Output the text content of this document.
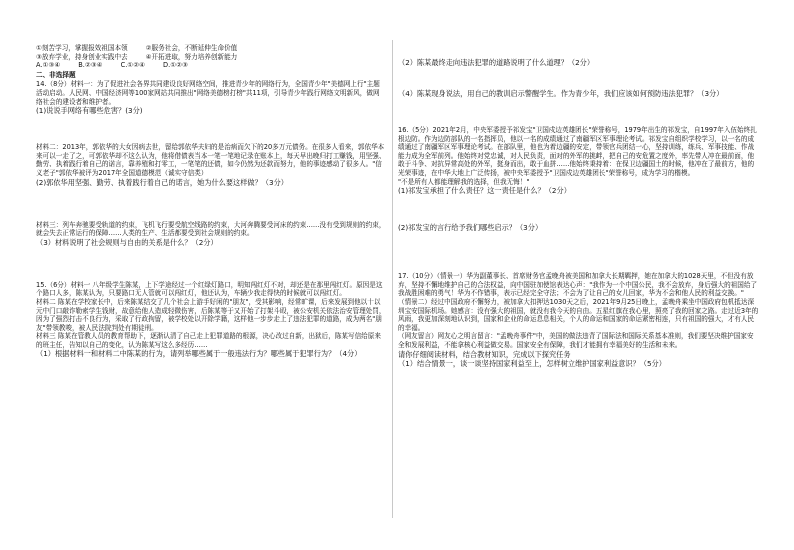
①刻苦学习，掌握报效祖国本领	②服务社会，不断延伸生命价值
③放弃学业，持身创业实践中去	④开拓进取，努力培养创新能力
A.①③④	B.②③④	C.①②④	D.①②③
二、非选择题

14.（8分）材料一：为了促进社会各界共同建设良好网络空间，推进青少年的网络行为，全国青少年"美德网上行"主题活动启动。人民网、中国经济网等100家网站共同推出"网络美德榜打榜"共11项，引导青少年践行网络文明新风，做网络社会的建设者和维护者。

(1)说说手网络有哪些危害？(3分)

材料二：2013年，郭依华的大女因病去世，留给郭依华夫妇的是治病而欠下的20多万元债务。在很多人看来，郭依华本来可以一走了之，可郭依华却不这么认为，他将借债表当本一笔一笔地记录在账本上，每天早出晚归打工赚钱，用坚强、勤劳、执着践行着自己的诺言，靠养殖和打零工，一笔笔的还债，如今仍然为还款而努力，他的事迹感动了很多人。"信义老子"郭依华被评为2017年全国道德模范（诚实守信类）

(2)郭依华用坚强、勤劳、执着践行着自己的诺言，她为什么要这样做？（3分）

材料三：列车奔驰要受轨道的约束，飞机飞行要受航空线路的约束，大河奔腾要受河床的约束……没有受到规则的约束，就会失去正常运行的保障……人类的生产、生活都要受到社会规则的约束。

（3）材料说明了社会规则与自由的关系是什么？（2分）

15.（6分）材料一 八年级学生陈某，上下学途经过一个红绿灯路口，明知闯红灯不对，却还是在那里闯红灯。原因是这个路口人多，陈某认为，只要路口无人管就可以闯红灯，他还认为，车辆少我走得快的时候就可以闯红灯。

材料二 陈某在学校家长中，后来陈某结交了几个社会上游手好闲的"朋友"，受其影响，经常旷课，后来发展到他以十以元中门口敲诈勒索学生钱财，故意给他人造成轻微伤害，后陈某等于又开始了打架斗殴，被公安机关依法治安管理处罚，因为了强烈打击不良行为，采取了行政拘留，被学校处以开除学籍，这样他一步步走上了违法犯罪的道路，成为两名"朋友"带领教唆，被人民法院判处有期徒刑。

材料三 陈某在管教人员的教育帮助下，逐渐认清了自己走上犯罪道路的根源，决心改过自新，出狱后，陈某写信给原来的班主任，告知以自己的变化，认为陈某写这么多经历……

（1）根据材料一和材料二中陈某的行为，请列举哪些属于一般违法行为？哪些属于犯罪行为？（4分）

（2）陈某最终走向违法犯罪的道路说明了什么道理？（2分）

（4）陈某现身说法，用自己的教训启示警醒学生。作为青少年，我们应该如何预防违法犯罪？（3分）

16.（5分）2021年2月，中央军委授予祁发宝"卫国戍边英雄团长"荣誉称号，1979年出生的祁发宝，自1997年入伍始终扎根边防。作为边防部队的一名指挥员，他以一名的成绩通过了南疆军区军事理论考试。祁发宝自组织学校学习，以一名的成绩通过了南疆军区军事理论考试。在部队里，他也为着边疆的安定，带领官兵团结一心，坚持训练，练兵、军事技能、作战能力成为全军前列。他始终对党忠诚，对人民负责，面对的外军的挑衅，把自己的安危置之度外，率先带人冲在最前面，他敢于斗争、对抗异常高处的外军，挺身而出，敢于血拼……他始终秉持着：在保卫边疆国土的时候，他冲在了最前方，他的光荣事迹，在中华大地上广泛传扬，被中央军委授予"卫国戍边英雄团长"荣誉称号，成为学习的楷模。

"不是所有人都能理解我的选择，但我无悔！"

(1)祁发宝承担了什么责任？这一责任是什么？（2分）

(2)祁发宝的言行给予我们哪些启示？（3分）

17.（10分）（情景一）华为副董事长、首席财务官孟晚舟被美国和加拿大长期羁押，她在加拿大的1028天里，不但没有放弃，坚持不懈地维护自己的合法权益，向中国驻加使馆表达心声："我作为一个中国公民，我不会放弃，身后强大的祖国给了我战胜困难的勇气！华为不作错事，表示已经完全守法；不会为了让自己的女儿回家，华为不会和他人民的利益交换。"

（情景二）经过中国政府不懈努力，被加拿大扣押达1030天之后，2021年9月25日晚上，孟晚舟乘坐中国政府包机抵达深圳宝安国际机场。她感言：没有强大的祖国，就没有我今天的自由。五星红旗在我心里，照亮了我的回家之路。走过近3年的风雨，我更加深刻地认识到，国家和企业的命运息息相关，个人的命运和国家的命运紧密相连，只有祖国的强大，才有人民的幸福。

（网友留言）网友心之明言留言："孟晚舟事件"中，美国的做法违背了国际法和国际关系基本准则，我们要坚决维护国家安全和发展利益，不能拿核心利益做交易。国家安全有保障，我们才能拥有幸福美好的生活和未来。

请你仔细阅读材料，结合教材知识，完成以下探究任务

（1）结合情景一，谈一谈坚持国家利益至上，怎样树立维护国家利益意识？（5分）
